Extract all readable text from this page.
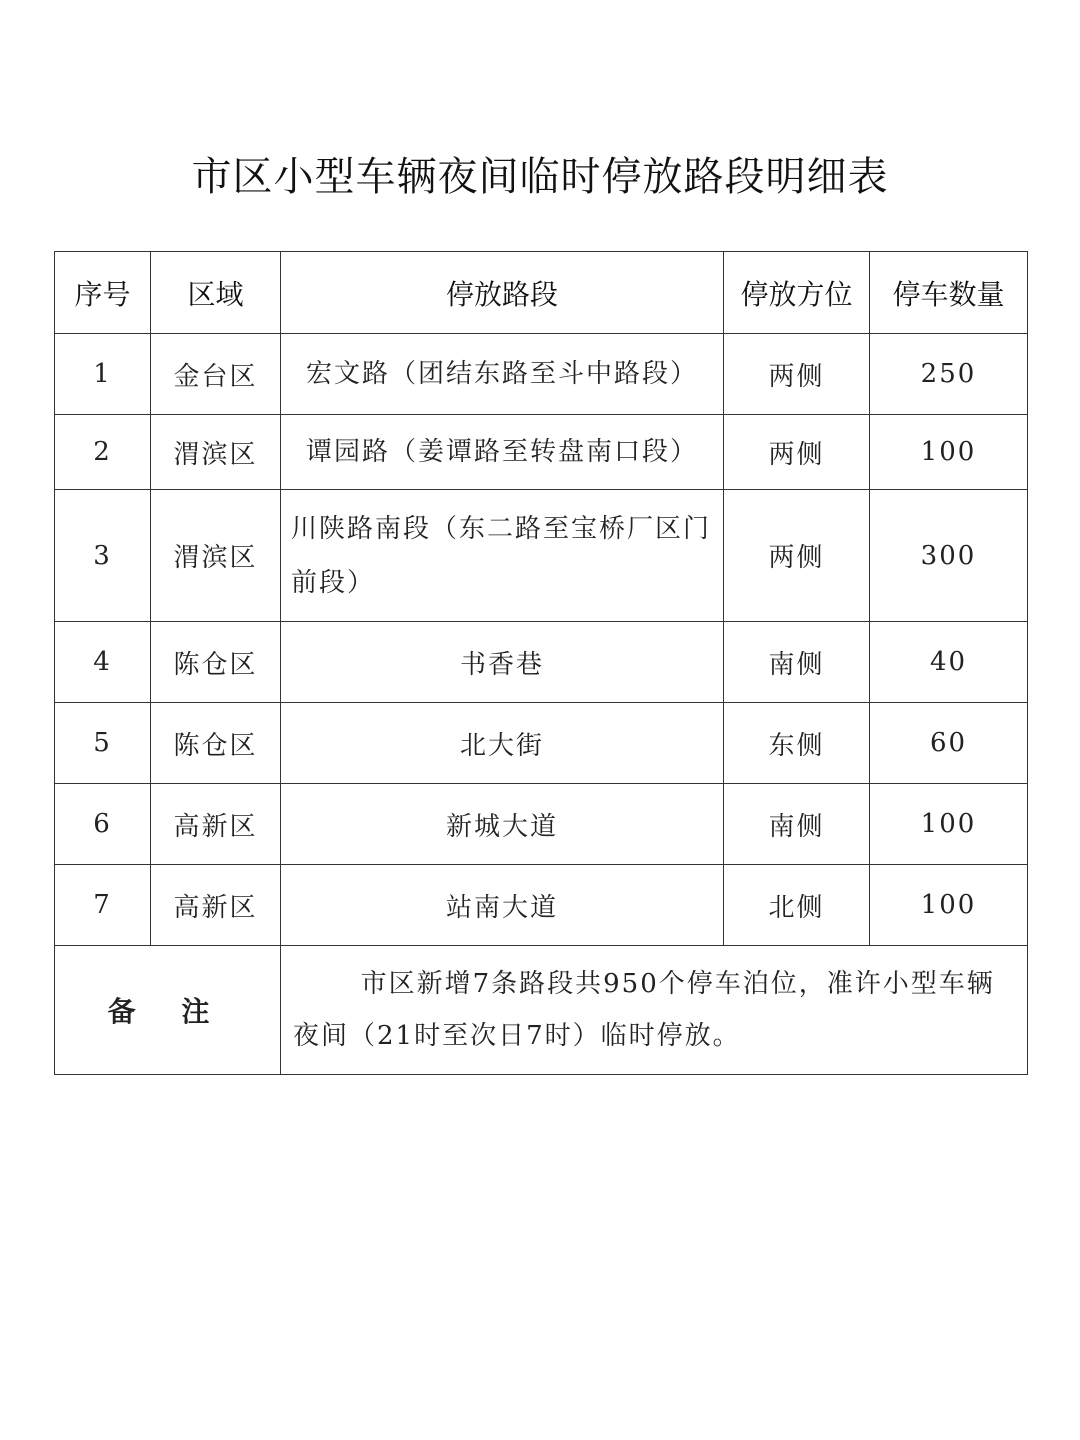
市区小型车辆夜间临时停放路段明细表
序号	区域	停放路段	停放方位	停车数量
1	金台区	宏文路（团结东路至斗中路段）	两侧	250
2	渭滨区	谭园路（姜谭路至转盘南口段）	两侧	100
3	渭滨区	川陕路南段（东二路至宝桥厂区门前段）	两侧	300
4	陈仓区	书香巷	南侧	40
5	陈仓区	北大街	东侧	60
6	高新区	新城大道	南侧	100
7	高新区	站南大道	北侧	100
备 注		市区新增7条路段共950个停车泊位，准许小型车辆夜间（21时至次日7时）临时停放。		
